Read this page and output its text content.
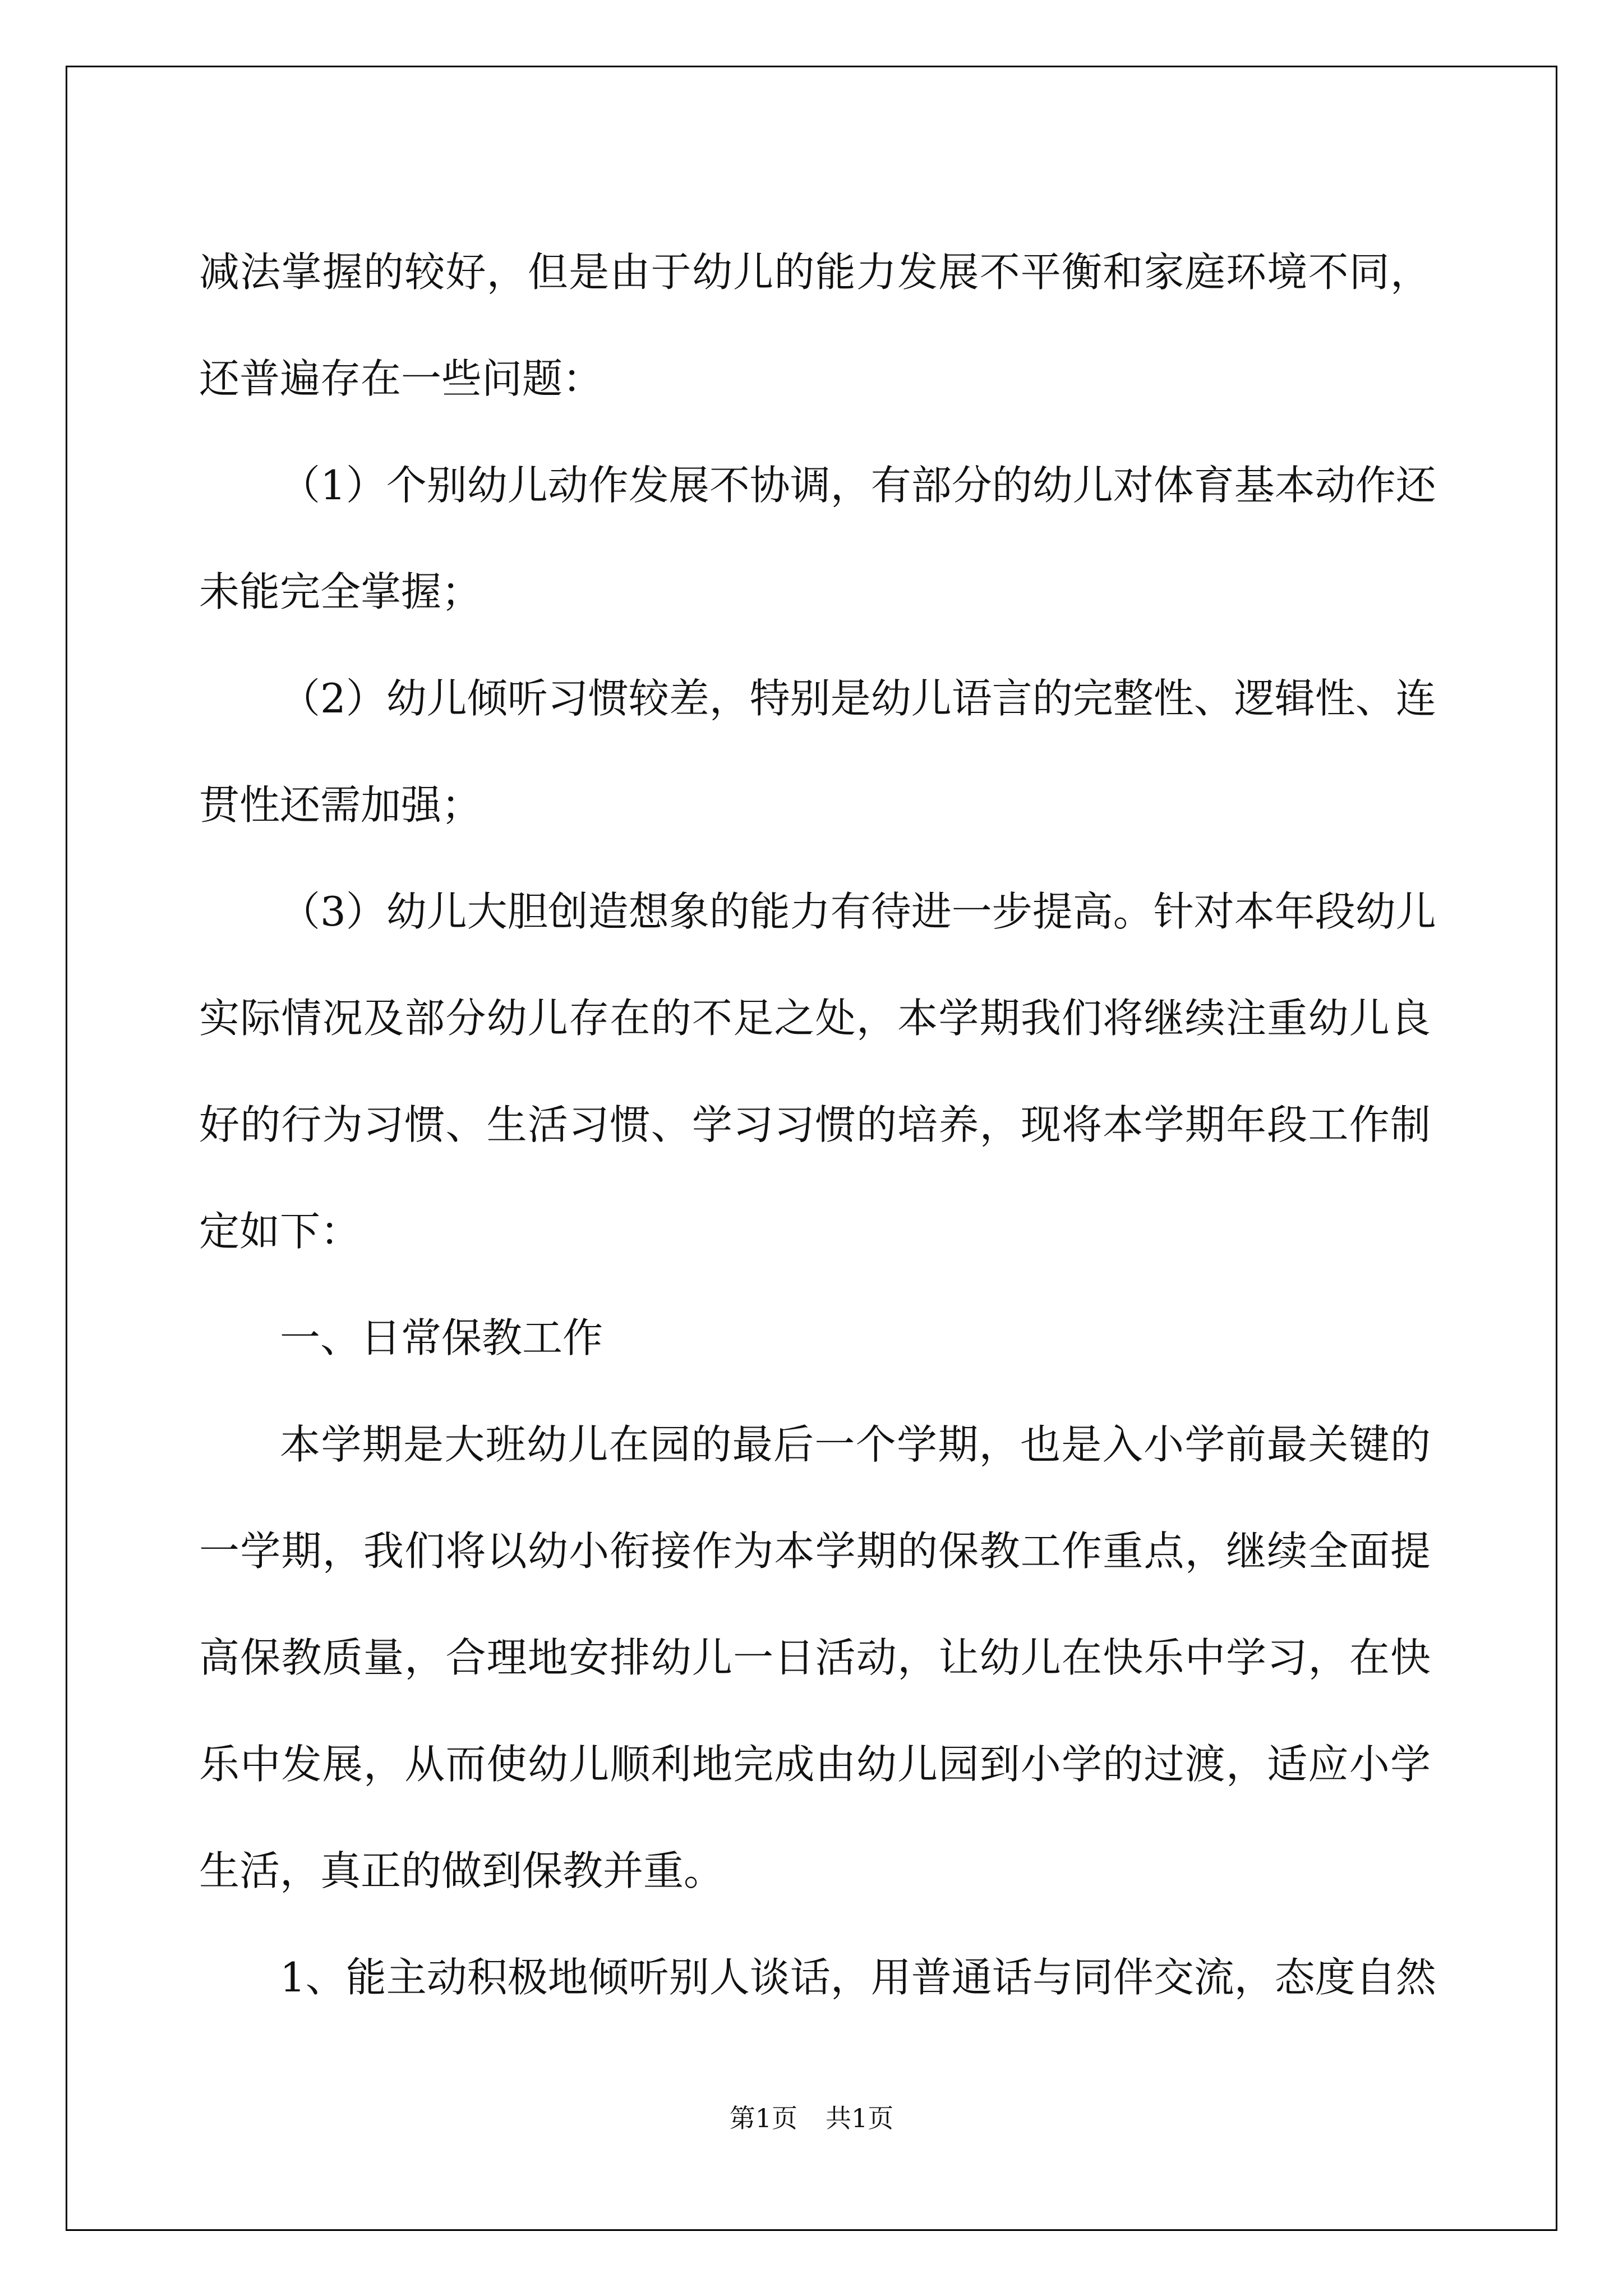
减法掌握的较好，但是由于幼儿的能力发展不平衡和家庭环境不同，
还普遍存在一些问题：
（1）个别幼儿动作发展不协调，有部分的幼儿对体育基本动作还
未能完全掌握；
（2）幼儿倾听习惯较差，特别是幼儿语言的完整性、逻辑性、连
贯性还需加强；
（3）幼儿大胆创造想象的能力有待进一步提高。针对本年段幼儿
实际情况及部分幼儿存在的不足之处，本学期我们将继续注重幼儿良
好的行为习惯、生活习惯、学习习惯的培养，现将本学期年段工作制
定如下：
一、日常保教工作
本学期是大班幼儿在园的最后一个学期，也是入小学前最关键的
一学期，我们将以幼小衔接作为本学期的保教工作重点，继续全面提
高保教质量，合理地安排幼儿一日活动，让幼儿在快乐中学习，在快
乐中发展，从而使幼儿顺利地完成由幼儿园到小学的过渡，适应小学
生活，真正的做到保教并重。
1、能主动积极地倾听别人谈话，用普通话与同伴交流，态度自然
第1页 共1页
